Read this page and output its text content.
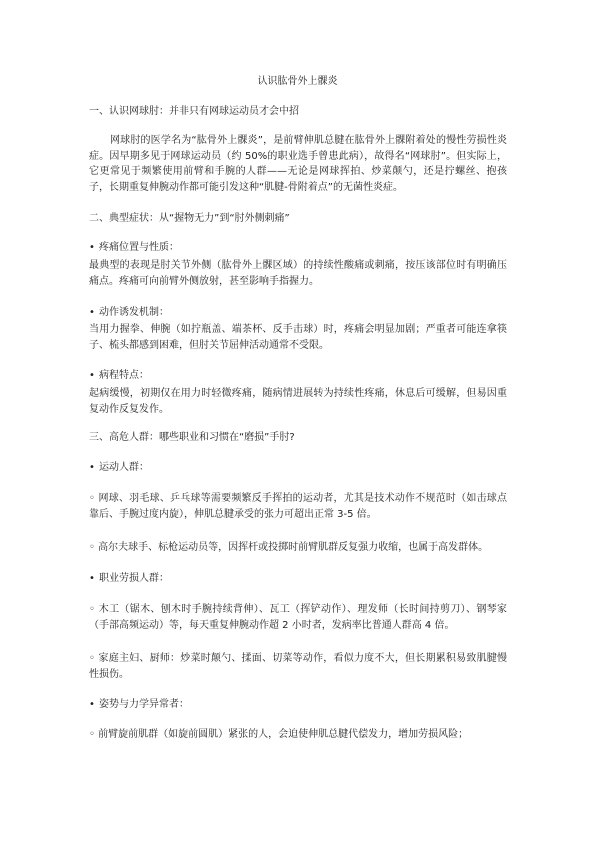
认识肱骨外上髁炎
一、认识网球肘：并非只有网球运动员才会中招
网球肘的医学名为“肱骨外上髁炎”，是前臂伸肌总腱在肱骨外上髁附着处的慢性劳损性炎症。因早期多见于网球运动员（约 50%的职业选手曾患此病），故得名“网球肘”。但实际上，它更常见于频繁使用前臂和手腕的人群——无论是网球挥拍、炒菜颠勺，还是拧螺丝、抱孩子，长期重复伸腕动作都可能引发这种“肌腱-骨附着点”的无菌性炎症。
二、典型症状：从“握物无力”到“肘外侧刺痛”
• 疼痛位置与性质：
最典型的表现是肘关节外侧（肱骨外上髁区域）的持续性酸痛或刺痛，按压该部位时有明确压痛点。疼痛可向前臂外侧放射，甚至影响手指握力。
• 动作诱发机制：
当用力握拳、伸腕（如拧瓶盖、端茶杯、反手击球）时，疼痛会明显加剧；严重者可能连拿筷子、梳头都感到困难，但肘关节屈伸活动通常不受限。
• 病程特点：
起病缓慢，初期仅在用力时轻微疼痛，随病情进展转为持续性疼痛，休息后可缓解，但易因重复动作反复发作。
三、高危人群：哪些职业和习惯在“磨损”手肘?
• 运动人群：
◦ 网球、羽毛球、乒乓球等需要频繁反手挥拍的运动者，尤其是技术动作不规范时（如击球点靠后、手腕过度内旋），伸肌总腱承受的张力可超出正常 3-5 倍。
◦ 高尔夫球手、标枪运动员等，因挥杆或投掷时前臂肌群反复强力收缩，也属于高发群体。
• 职业劳损人群：
◦ 木工（锯木、刨木时手腕持续背伸）、瓦工（挥铲动作）、理发师（长时间持剪刀）、钢琴家（手部高频运动）等，每天重复伸腕动作超 2 小时者，发病率比普通人群高 4 倍。
◦ 家庭主妇、厨师：炒菜时颠勺、揉面、切菜等动作，看似力度不大，但长期累积易致肌腱慢性损伤。
• 姿势与力学异常者：
◦ 前臂旋前肌群（如旋前圆肌）紧张的人，会迫使伸肌总腱代偿发力，增加劳损风险；
